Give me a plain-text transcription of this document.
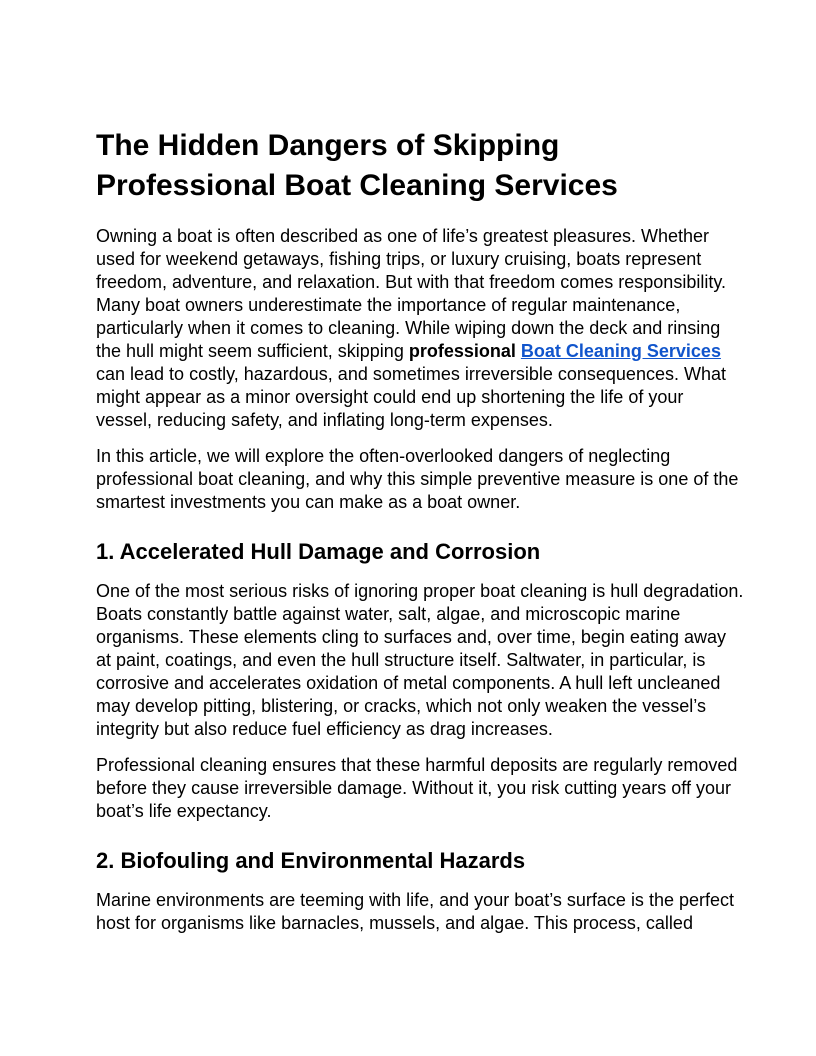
The Hidden Dangers of Skipping Professional Boat Cleaning Services

Owning a boat is often described as one of life’s greatest pleasures. Whether used for weekend getaways, fishing trips, or luxury cruising, boats represent freedom, adventure, and relaxation. But with that freedom comes responsibility. Many boat owners underestimate the importance of regular maintenance, particularly when it comes to cleaning. While wiping down the deck and rinsing the hull might seem sufficient, skipping professional Boat Cleaning Services can lead to costly, hazardous, and sometimes irreversible consequences. What might appear as a minor oversight could end up shortening the life of your vessel, reducing safety, and inflating long-term expenses.

In this article, we will explore the often-overlooked dangers of neglecting professional boat cleaning, and why this simple preventive measure is one of the smartest investments you can make as a boat owner.

1. Accelerated Hull Damage and Corrosion

One of the most serious risks of ignoring proper boat cleaning is hull degradation. Boats constantly battle against water, salt, algae, and microscopic marine organisms. These elements cling to surfaces and, over time, begin eating away at paint, coatings, and even the hull structure itself. Saltwater, in particular, is corrosive and accelerates oxidation of metal components. A hull left uncleaned may develop pitting, blistering, or cracks, which not only weaken the vessel’s integrity but also reduce fuel efficiency as drag increases.

Professional cleaning ensures that these harmful deposits are regularly removed before they cause irreversible damage. Without it, you risk cutting years off your boat’s life expectancy.

2. Biofouling and Environmental Hazards

Marine environments are teeming with life, and your boat’s surface is the perfect host for organisms like barnacles, mussels, and algae. This process, called
